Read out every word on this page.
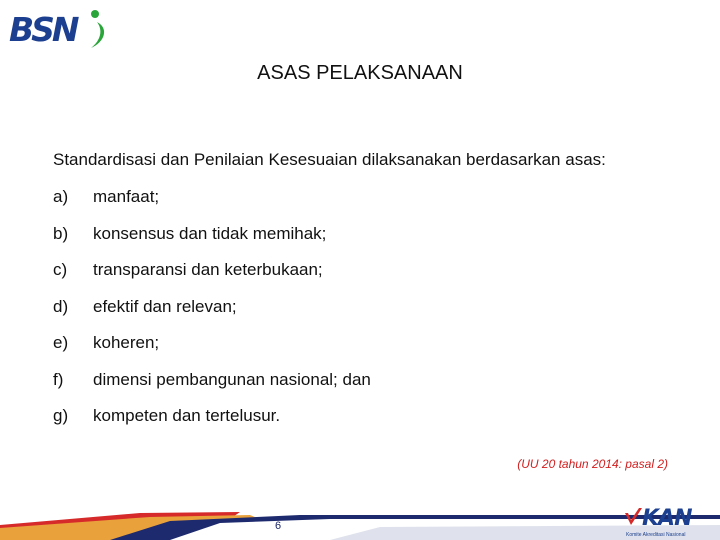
BSN
ASAS PELAKSANAAN
Standardisasi dan Penilaian Kesesuaian dilaksanakan berdasarkan asas:
a)	manfaat;
b)	konsensus dan tidak memihak;
c)	transparansi dan keterbukaan;
d)	efektif dan relevan;
e)	koheren;
f)	dimensi pembangunan nasional; dan
g)	kompeten dan tertelusur.
(UU 20 tahun 2014: pasal 2)
6	KAN
Komite Akreditasi Nasional
